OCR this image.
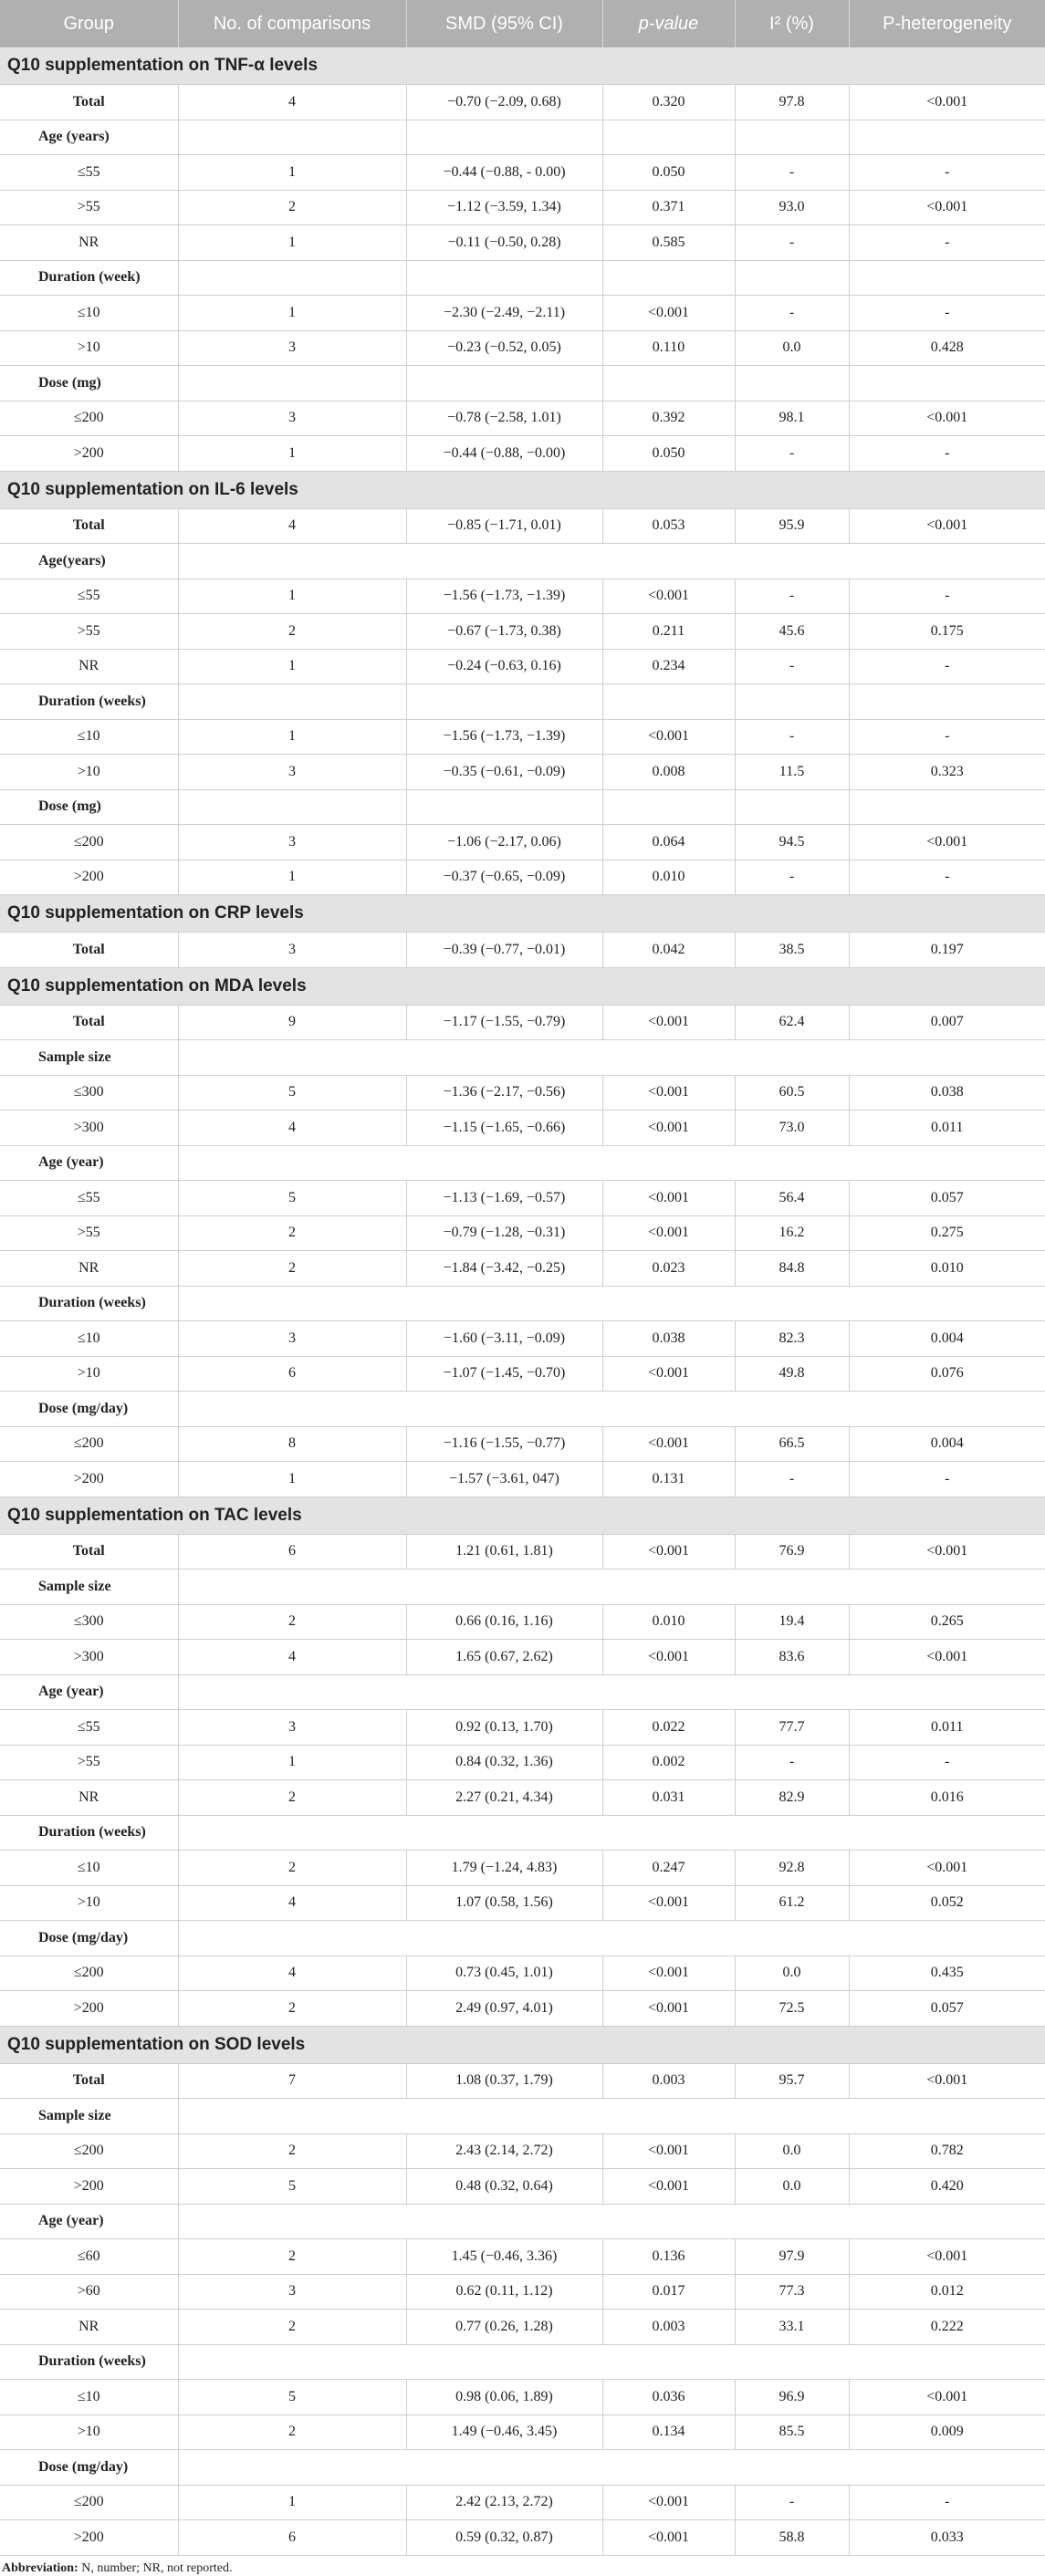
Group	No. of comparisons	SMD (95% CI)	p-value	I² (%)	P-heterogeneity
Q10 supplementation on TNF-α levels					
Total	4	−0.70 (−2.09, 0.68)	0.320	97.8	<0.001
Age (years)					
≤55	1	−0.44 (−0.88, - 0.00)	0.050	-	-
>55	2	−1.12 (−3.59, 1.34)	0.371	93.0	<0.001
NR	1	−0.11 (−0.50, 0.28)	0.585	-	-
Duration (week)					
≤10	1	−2.30 (−2.49, −2.11)	<0.001	-	-
>10	3	−0.23 (−0.52, 0.05)	0.110	0.0	0.428
Dose (mg)					
≤200	3	−0.78 (−2.58, 1.01)	0.392	98.1	<0.001
>200	1	−0.44 (−0.88, −0.00)	0.050	-	-
Q10 supplementation on IL-6 levels					
Total	4	−0.85 (−1.71, 0.01)	0.053	95.9	<0.001
Age(years)					
≤55	1	−1.56 (−1.73, −1.39)	<0.001	-	-
>55	2	−0.67 (−1.73, 0.38)	0.211	45.6	0.175
NR	1	−0.24 (−0.63, 0.16)	0.234	-	-
Duration (weeks)					
≤10	1	−1.56 (−1.73, −1.39)	<0.001	-	-
>10	3	−0.35 (−0.61, −0.09)	0.008	11.5	0.323
Dose (mg)					
≤200	3	−1.06 (−2.17, 0.06)	0.064	94.5	<0.001
>200	1	−0.37 (−0.65, −0.09)	0.010	-	-
Q10 supplementation on CRP levels					
Total	3	−0.39 (−0.77, −0.01)	0.042	38.5	0.197
Q10 supplementation on MDA levels					
Total	9	−1.17 (−1.55, −0.79)	<0.001	62.4	0.007
Sample size					
≤300	5	−1.36 (−2.17, −0.56)	<0.001	60.5	0.038
>300	4	−1.15 (−1.65, −0.66)	<0.001	73.0	0.011
Age (year)					
≤55	5	−1.13 (−1.69, −0.57)	<0.001	56.4	0.057
>55	2	−0.79 (−1.28, −0.31)	<0.001	16.2	0.275
NR	2	−1.84 (−3.42, −0.25)	0.023	84.8	0.010
Duration (weeks)					
≤10	3	−1.60 (−3.11, −0.09)	0.038	82.3	0.004
>10	6	−1.07 (−1.45, −0.70)	<0.001	49.8	0.076
Dose (mg/day)					
≤200	8	−1.16 (−1.55, −0.77)	<0.001	66.5	0.004
>200	1	−1.57 (−3.61, 047)	0.131	-	-
Q10 supplementation on TAC levels					
Total	6	1.21 (0.61, 1.81)	<0.001	76.9	<0.001
Sample size					
≤300	2	0.66 (0.16, 1.16)	0.010	19.4	0.265
>300	4	1.65 (0.67, 2.62)	<0.001	83.6	<0.001
Age (year)					
≤55	3	0.92 (0.13, 1.70)	0.022	77.7	0.011
>55	1	0.84 (0.32, 1.36)	0.002	-	-
NR	2	2.27 (0.21, 4.34)	0.031	82.9	0.016
Duration (weeks)					
≤10	2	1.79 (−1.24, 4.83)	0.247	92.8	<0.001
>10	4	1.07 (0.58, 1.56)	<0.001	61.2	0.052
Dose (mg/day)					
≤200	4	0.73 (0.45, 1.01)	<0.001	0.0	0.435
>200	2	2.49 (0.97, 4.01)	<0.001	72.5	0.057
Q10 supplementation on SOD levels					
Total	7	1.08 (0.37, 1.79)	0.003	95.7	<0.001
Sample size					
≤200	2	2.43 (2.14, 2.72)	<0.001	0.0	0.782
>200	5	0.48 (0.32, 0.64)	<0.001	0.0	0.420
Age (year)					
≤60	2	1.45 (−0.46, 3.36)	0.136	97.9	<0.001
>60	3	0.62 (0.11, 1.12)	0.017	77.3	0.012
NR	2	0.77 (0.26, 1.28)	0.003	33.1	0.222
Duration (weeks)					
≤10	5	0.98 (0.06, 1.89)	0.036	96.9	<0.001
>10	2	1.49 (−0.46, 3.45)	0.134	85.5	0.009
Dose (mg/day)					
≤200	1	2.42 (2.13, 2.72)	<0.001	-	-
>200	6	0.59 (0.32, 0.87)	<0.001	58.8	0.033
Abbreviation: N, number; NR, not reported.
